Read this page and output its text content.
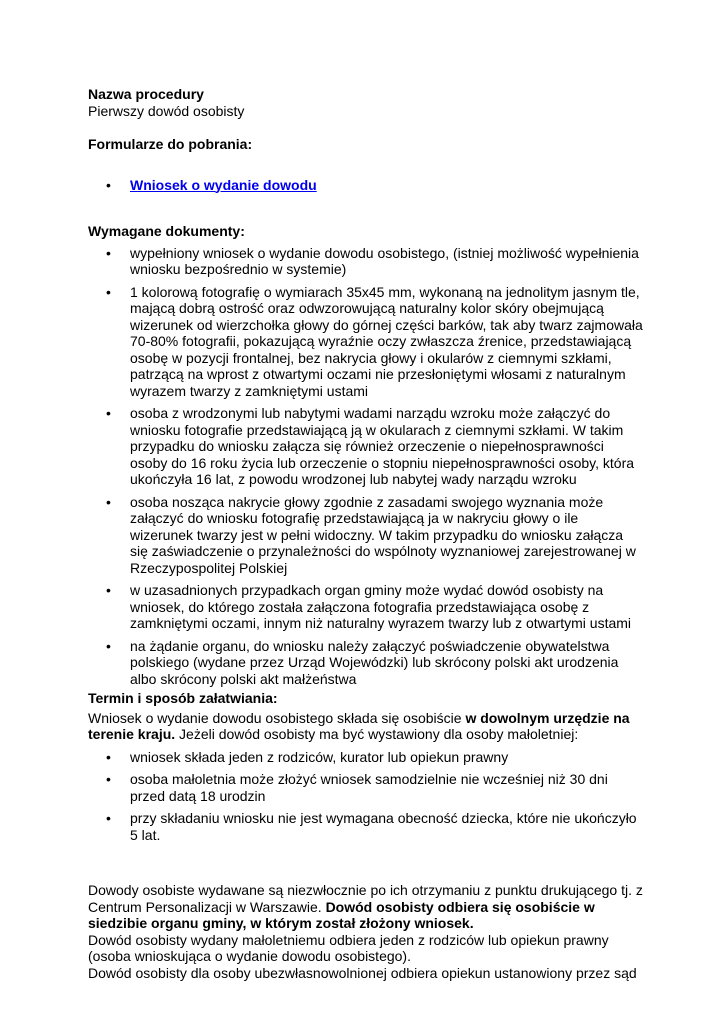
Nazwa procedury

Pierwszy dowód osobisty

Formularze do pobrania:

• Wniosek o wydanie dowodu

Wymagane dokumenty:

• wypełniony wniosek o wydanie dowodu osobistego, (istniej możliwość wypełnienia wniosku bezpośrednio w systemie)
• 1 kolorową fotografię o wymiarach 35x45 mm, wykonaną na jednolitym jasnym tle, mającą dobrą ostrość oraz odwzorowującą naturalny kolor skóry obejmującą wizerunek od wierzchołka głowy do górnej części barków, tak aby twarz zajmowała 70-80% fotografii, pokazującą wyraźnie oczy zwłaszcza źrenice, przedstawiającą osobę w pozycji frontalnej, bez nakrycia głowy i okularów z ciemnymi szkłami, patrzącą na wprost z otwartymi oczami nie przesłoniętymi włosami z naturalnym wyrazem twarzy z zamkniętymi ustami
• osoba z wrodzonymi lub nabytymi wadami narządu wzroku może załączyć do wniosku fotografie przedstawiającą ją w okularach z ciemnymi szkłami. W takim przypadku do wniosku załącza się również orzeczenie o niepełnosprawności osoby do 16 roku życia lub orzeczenie o stopniu niepełnosprawności osoby, która ukończyła 16 lat, z powodu wrodzonej lub nabytej wady narządu wzroku
• osoba nosząca nakrycie głowy zgodnie z zasadami swojego wyznania może załączyć do wniosku fotografię przedstawiającą ja w nakryciu głowy o ile wizerunek twarzy jest w pełni widoczny. W takim przypadku do wniosku załącza się zaświadczenie o przynależności do wspólnoty wyznaniowej zarejestrowanej w Rzeczypospolitej Polskiej
• w uzasadnionych przypadkach organ gminy może wydać dowód osobisty na wniosek, do którego została załączona fotografia przedstawiająca osobę z zamkniętymi oczami, innym niż naturalny wyrazem twarzy lub z otwartymi ustami
• na żądanie organu, do wniosku należy załączyć poświadczenie obywatelstwa polskiego (wydane przez Urząd Wojewódzki) lub skrócony polski akt urodzenia albo skrócony polski akt małżeństwa

Termin i sposób załatwiania:

Wniosek o wydanie dowodu osobistego składa się osobiście w dowolnym urzędzie na terenie kraju. Jeżeli dowód osobisty ma być wystawiony dla osoby małoletniej:

• wniosek składa jeden z rodziców, kurator lub opiekun prawny
• osoba małoletnia może złożyć wniosek samodzielnie nie wcześniej niż 30 dni przed datą 18 urodzin
• przy składaniu wniosku nie jest wymagana obecność dziecka, które nie ukończyło 5 lat.

Dowody osobiste wydawane są niezwłocznie po ich otrzymaniu z punktu drukującego tj. z Centrum Personalizacji w Warszawie. Dowód osobisty odbiera się osobiście w siedzibie organu gminy, w którym został złożony wniosek.

Dowód osobisty wydany małoletniemu odbiera jeden z rodziców lub opiekun prawny (osoba wnioskująca o wydanie dowodu osobistego).

Dowód osobisty dla osoby ubezwłasnowolnionej odbiera opiekun ustanowiony przez sąd
